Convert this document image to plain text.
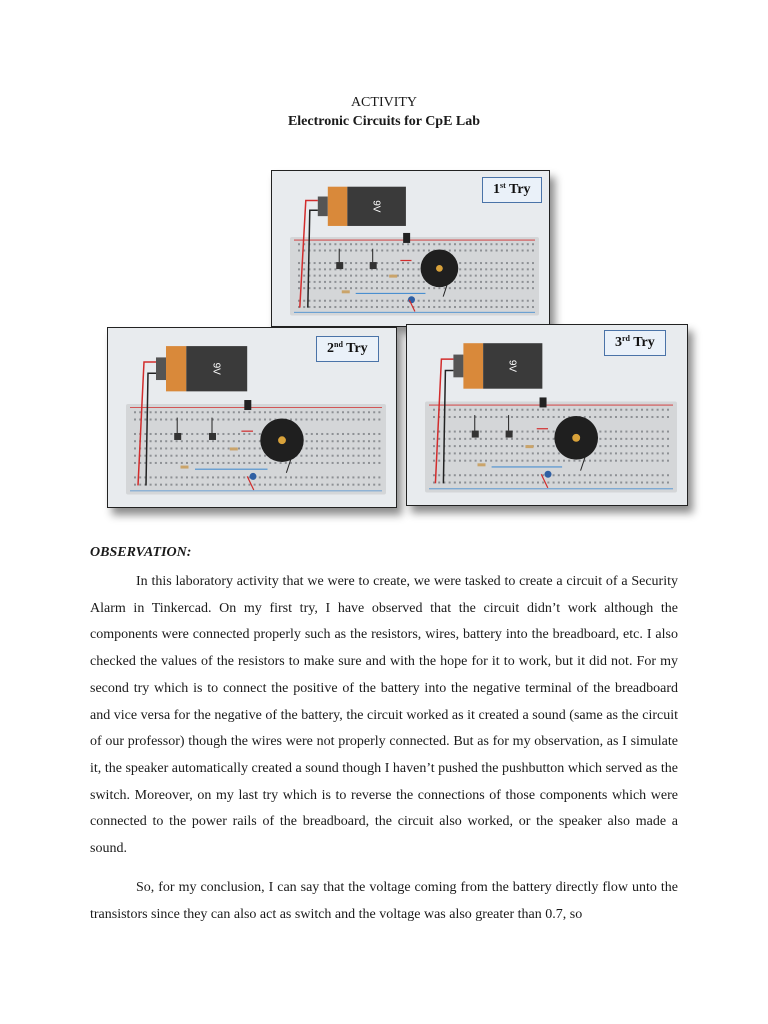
ACTIVITY
Electronic Circuits for CpE Lab
9V
1st Try
9V
2nd Try
9V
3rd Try
OBSERVATION:

In this laboratory activity that we were to create, we were tasked to create a circuit of a Security Alarm in Tinkercad. On my first try, I have observed that the circuit didn’t work although the components were connected properly such as the resistors, wires, battery into the breadboard, etc. I also checked the values of the resistors to make sure and with the hope for it to work, but it did not. For my second try which is to connect the positive of the battery into the negative terminal of the breadboard and vice versa for the negative of the battery, the circuit worked as it created a sound (same as the circuit of our professor) though the wires were not properly connected. But as for my observation, as I simulate it, the speaker automatically created a sound though I haven’t pushed the pushbutton which served as the switch. Moreover, on my last try which is to reverse the connections of those components which were connected to the power rails of the breadboard, the circuit also worked, or the speaker also made a sound.

So, for my conclusion, I can say that the voltage coming from the battery directly flow unto the transistors since they can also act as switch and the voltage was also greater than 0.7, so
